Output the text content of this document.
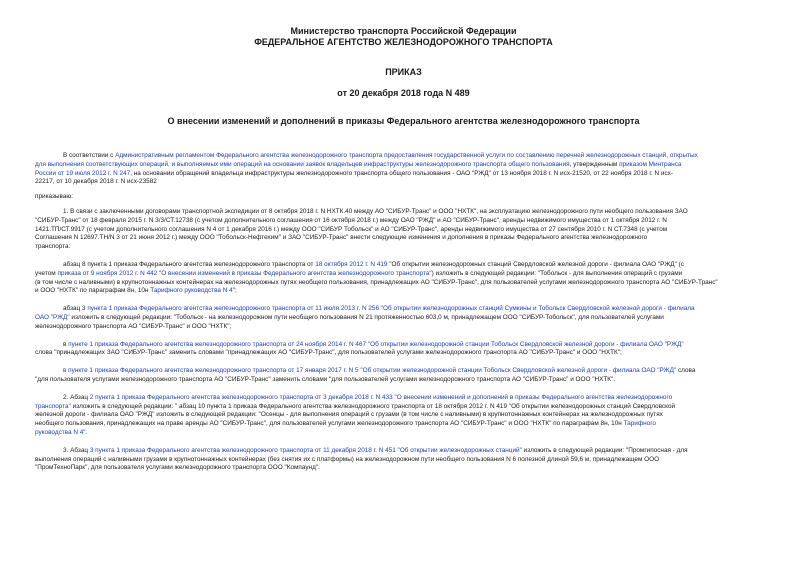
Министерство транспорта Российской Федерации
ФЕДЕРАЛЬНОЕ АГЕНТСТВО ЖЕЛЕЗНОДОРОЖНОГО ТРАНСПОРТА
ПРИКАЗ
от 20 декабря 2018 года N 489
О внесении изменений и дополнений в приказы Федерального агентства железнодорожного транспорта

В соответствии с Административным регламентом Федерального агентства железнодорожного транспорта предоставления государственной услуги по составлению перечней железнодорожных станций, открытых

для выполнения соответствующих операций, и выполняемых ими операций на основании заявок владельцев инфраструктуры железнодорожного транспорта общего пользования, утвержденным приказом Минтранса

России от 19 июля 2012 г. N 247, на основании обращений владельца инфраструктуры железнодорожного транспорта общего пользования - ОАО "РЖД" от 13 ноября 2018 г. N исх-21520, от 22 ноября 2018 г. N исх-

22217, от 10 декабря 2018 г. N исх-23582

приказываю:

1. В связи с заключенными договорами транспортной экспедиции от 8 октября 2018 г. N НХТК.40 между АО "СИБУР-Транс" и ООО "НХТК", на эксплуатацию железнодорожного пути необщего пользования ЗАО

"СИБУР-Транс" от 18 февраля 2015 г. N 3/3/СТ.12738 (с учетом дополнительного соглашения от 16 октября 2018 г.) между ОАО "РЖД" и АО "СИБУР-Транс", аренды недвижимого имущества от 1 октября 2012 г. N

1421.ТП/СТ.9917 (с учетом дополнительного соглашения N 4 от 1 декабря 2016 г.) между ООО "СИБУР Тобольск" и АО "СИБУР-Транс", аренды недвижимого имущества от 27 сентября 2010 г. N СТ.7348 (с учетом

Соглашения N 12697.ТН/N 3 от 21 июня 2012 г.) между ООО "Тобольск-Нефтехим" и ЗАО "СИБУР-Транс" внести следующие изменения и дополнения в приказы Федерального агентства железнодорожного

транспорта:

абзац 8 пункта 1 приказа Федерального агентства железнодорожного транспорта от 18 октября 2012 г. N 419 "Об открытии железнодорожных станций Свердловской железной дороги - филиала ОАО "РЖД" (с

учетом приказа от 9 ноября 2012 г. N 442 "О внесении изменений в приказы Федерального агентства железнодорожного транспорта") изложить в следующей редакции: "Тобольск - для выполнения операций с грузами

(в том числе с наливными) в крупнотоннажных контейнерах на железнодорожных путях необщего пользования, принадлежащих АО "СИБУР-Транс", для пользователей услугами железнодорожного транспорта АО "СИБУР-Транс"

и ООО "НХТК" по параграфам 8н, 10н Тарифного руководства N 4";

абзац 3 пункта 1 приказа Федерального агентства железнодорожного транспорта от 11 июля 2013 г. N 256 "Об открытии железнодорожных станций Сумкины и Тобольск Свердловской железной дороги - филиала

ОАО "РЖД" изложить в следующей редакции: "Тобольск - на железнодорожном пути необщего пользования N 21 протяженностью 603,0 м, принадлежащем ООО "СИБУР-Тобольск", для пользователей услугами

железнодорожного транспорта АО "СИБУР-Транс" и ООО "НХТК";

в пункте 1 приказа Федерального агентства железнодорожного транспорта от 24 ноября 2014 г. N 467 "Об открытии железнодорожной станции Тобольск Свердловской железной дороги - филиала ОАО "РЖД"

слова "принадлежащих ЗАО "СИБУР-Транс" заменить словами "принадлежащих АО "СИБУР-Транс", для пользователей услугами железнодорожного транспорта АО "СИБУР-Транс" и ООО "НХТК";

в пункте 1 приказа Федерального агентства железнодорожного транспорта от 17 января 2017 г. N 5 "Об открытии железнодорожной станции Тобольск Свердловской железной дороги - филиала ОАО "РЖД" слова

"для пользователя услугами железнодорожного транспорта АО "СИБУР-Транс" заменить словами "для пользователей услугами железнодорожного транспорта АО "СИБУР-Транс" и ООО "НХТК".

2. Абзац 2 пункта 1 приказа Федерального агентства железнодорожного транспорта от 3 декабря 2018 г. N 433 "О внесении изменений и дополнений в приказы Федерального агентства железнодорожного

транспорта" изложить в следующей редакции: " абзац 10 пункта 1 приказа Федерального агентства железнодорожного транспорта от 18 октября 2012 г. N 419 "Об открытии железнодорожных станций Свердловской

железной дороги - филиала ОАО "РЖД" изложить в следующей редакции: "Осенцы - для выполнения операций с грузами (в том числе с наливными) в крупнотоннажных контейнерах на железнодорожных путях

необщего пользования, принадлежащих на праве аренды АО "СИБУР-Транс", для пользователей услугами железнодорожного транспорта АО "СИБУР-Транс" и ООО "НХТК" по параграфам 8н, 10н Тарифного

руководства N 4".

3. Абзац 3 пункта 1 приказа Федерального агентства железнодорожного транспорта от 11 декабря 2018 г. N 451 "Об открытии железнодорожных станций" изложить в следующей редакции: "Промгипосная - для

выполнения операций с наливными грузами в крупнотоннажных контейнерах (без снятия их с платформы) на железнодорожном пути необщего пользования N 6 полезной длиной 59,6 м, принадлежащем ООО

"ПромТехноПарк", для пользователя услугами железнодорожного транспорта ООО "Компаунд".
